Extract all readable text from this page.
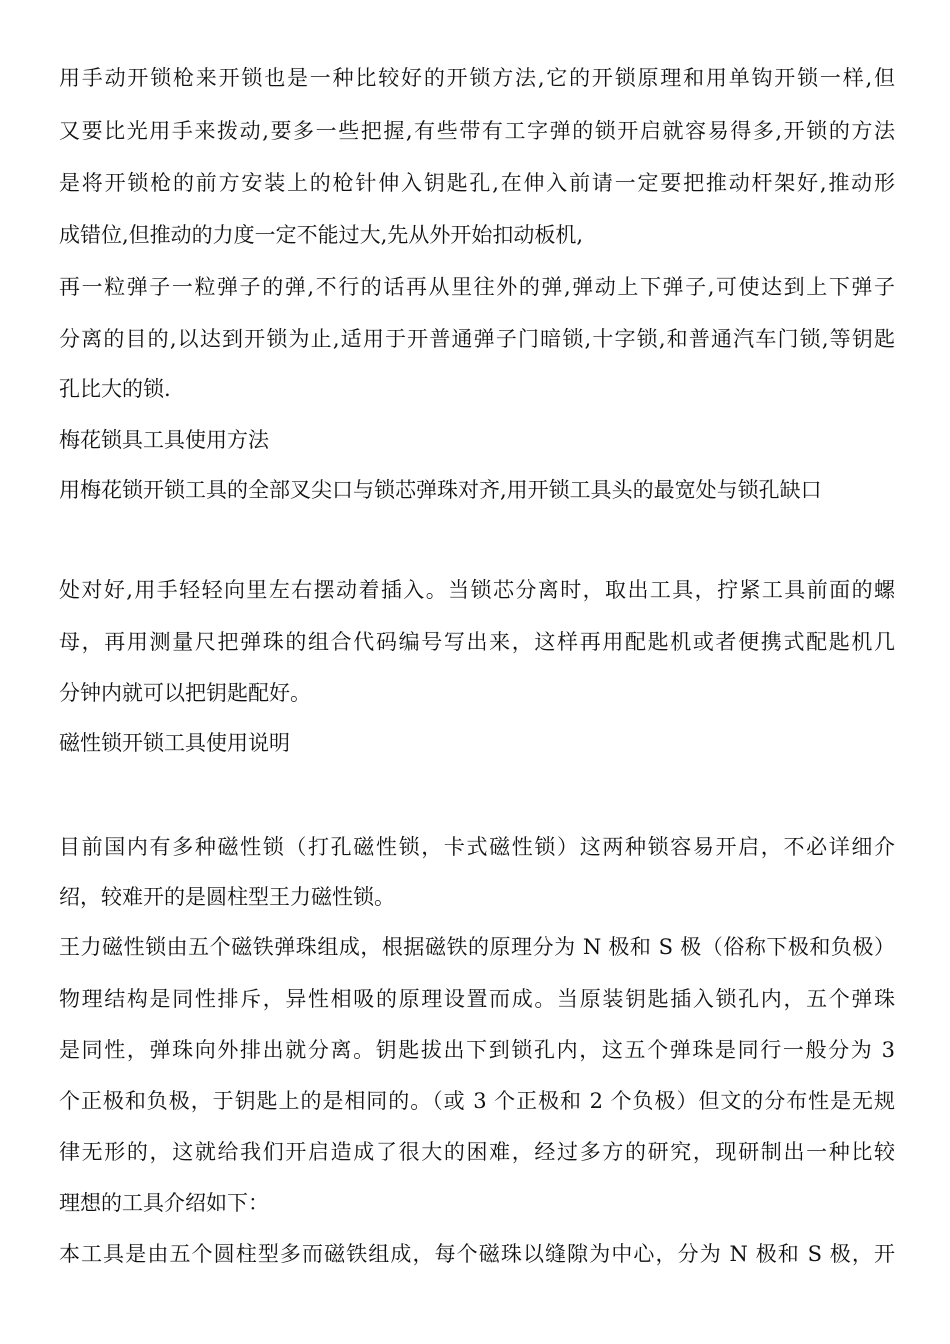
用手动开锁枪来开锁也是一种比较好的开锁方法,它的开锁原理和用单钩开锁一样,但
又要比光用手来拨动,要多一些把握,有些带有工字弹的锁开启就容易得多,开锁的方法
是将开锁枪的前方安装上的枪针伸入钥匙孔,在伸入前请一定要把推动杆架好,推动形
成错位,但推动的力度一定不能过大,先从外开始扣动板机,
再一粒弹子一粒弹子的弹,不行的话再从里往外的弹,弹动上下弹子,可使达到上下弹子
分离的目的,以达到开锁为止,适用于开普通弹子门暗锁,十字锁,和普通汽车门锁,等钥匙
孔比大的锁.
梅花锁具工具使用方法
用梅花锁开锁工具的全部叉尖口与锁芯弹珠对齐,用开锁工具头的最宽处与锁孔缺口
处对好,用手轻轻向里左右摆动着插入。当锁芯分离时，取出工具，拧紧工具前面的螺
母，再用测量尺把弹珠的组合代码编号写出来，这样再用配匙机或者便携式配匙机几
分钟内就可以把钥匙配好。
磁性锁开锁工具使用说明
目前国内有多种磁性锁（打孔磁性锁，卡式磁性锁）这两种锁容易开启，不必详细介
绍，较难开的是圆柱型王力磁性锁。
王力磁性锁由五个磁铁弹珠组成，根据磁铁的原理分为 N 极和 S 极（俗称下极和负极）
物理结构是同性排斥，异性相吸的原理设置而成。当原装钥匙插入锁孔内，五个弹珠
是同性，弹珠向外排出就分离。钥匙拔出下到锁孔内，这五个弹珠是同行一般分为 3
个正极和负极，于钥匙上的是相同的。（或 3 个正极和 2 个负极）但文的分布性是无规
律无形的，这就给我们开启造成了很大的困难，经过多方的研究，现研制出一种比较
理想的工具介绍如下：
本工具是由五个圆柱型多而磁铁组成，每个磁珠以缝隙为中心，分为 N 极和 S 极，开
